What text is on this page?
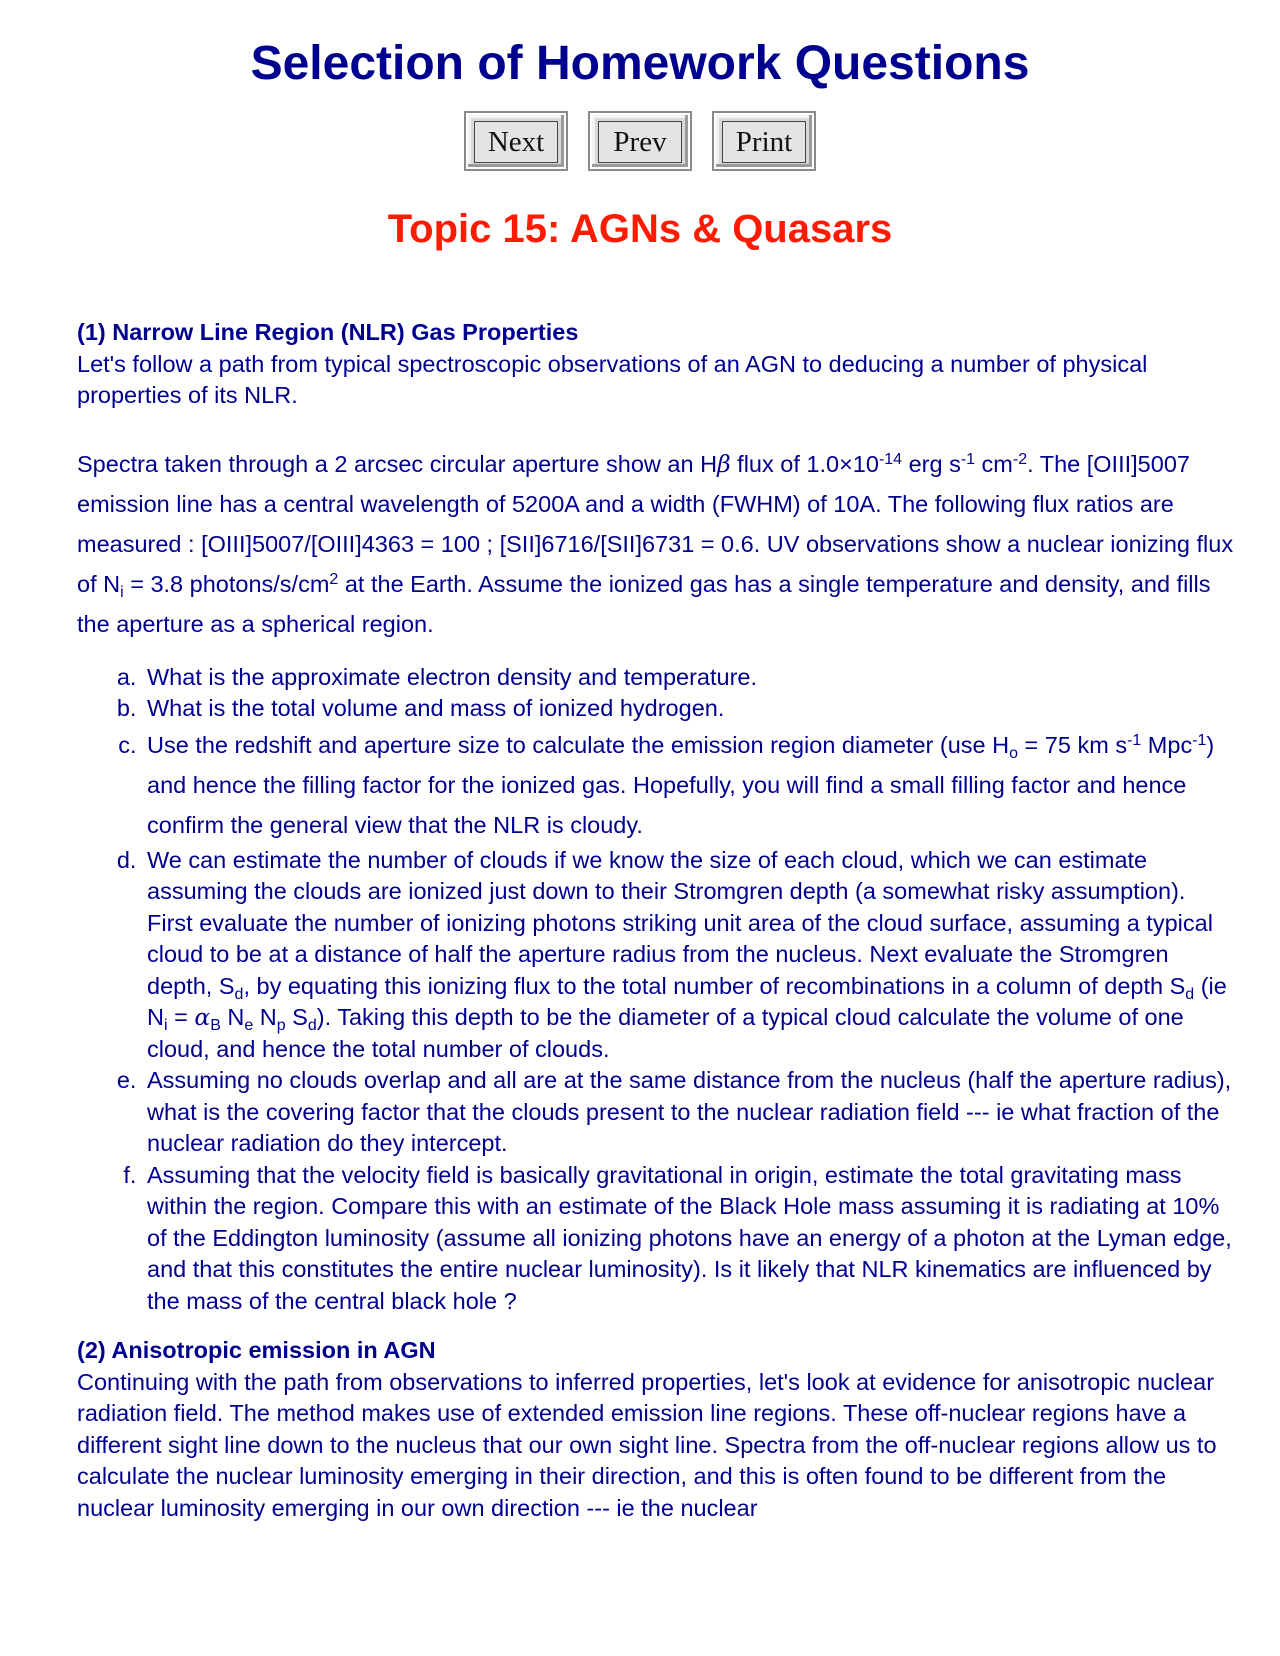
Selection of Homework Questions
Next	Prev	Print
Topic 15: AGNs & Quasars

(1) Narrow Line Region (NLR) Gas Properties

Let's follow a path from typical spectroscopic observations of an AGN to deducing a number of physical properties of its NLR.

Spectra taken through a 2 arcsec circular aperture show an Hβ flux of $1.0\times 10^{-14}$ erg $s^{-1}$ $cm^{-2}$. The [OIII]5007 emission line has a central wavelength of 5200A and a width (FWHM) of 10A. The following flux ratios are measured : [OIII]5007/[OIII]4363 = 100 ; [SII]6716/[SII]6731 = 0.6. UV observations show a nuclear ionizing flux of $N_i = 3.8$ photons/$s/cm^2$ at the Earth. Assume the ionized gas has a single temperature and density, and fills the aperture as a spherical region.

a. What is the approximate electron density and temperature.
b. What is the total volume and mass of ionized hydrogen.
c. Use the redshift and aperture size to calculate the emission region diameter (use $H_o = 75$ km $s^{-1}$ Mpc$^{-1}$) and hence the filling factor for the ionized gas. Hopefully, you will find a small filling factor and hence confirm the general view that the NLR is cloudy.
d. We can estimate the number of clouds if we know the size of each cloud, which we can estimate assuming the clouds are ionized just down to their Stromgren depth (a somewhat risky assumption). First evaluate the number of ionizing photons striking unit area of the cloud surface, assuming a typical cloud to be at a distance of half the aperture radius from the nucleus. Next evaluate the Stromgren depth, $S_d$, by equating this ionizing flux to the total number of recombinations in a column of depth $S_d$ (ie $N_i = \alpha_B$ $N_e$ $N_p$ $S_d$). Taking this depth to be the diameter of a typical cloud calculate the volume of one cloud, and hence the total number of clouds.
e. Assuming no clouds overlap and all are at the same distance from the nucleus (half the aperture radius), what is the covering factor that the clouds present to the nuclear radiation field --- ie what fraction of the nuclear radiation do they intercept.
f. Assuming that the velocity field is basically gravitational in origin, estimate the total gravitating mass within the region. Compare this with an estimate of the Black Hole mass assuming it is radiating at 10% of the Eddington luminosity (assume all ionizing photons have an energy of a photon at the Lyman edge, and that this constitutes the entire nuclear luminosity). Is it likely that NLR kinematics are influenced by the mass of the central black hole ?

(2) Anisotropic emission in AGN

Continuing with the path from observations to inferred properties, let's look at evidence for anisotropic nuclear radiation field. The method makes use of extended emission line regions. These off-nuclear regions have a different sight line down to the nucleus that our own sight line. Spectra from the off-nuclear regions allow us to calculate the nuclear luminosity emerging in their direction, and this is often found to be different from the nuclear luminosity emerging in our own direction --- ie the nuclear
